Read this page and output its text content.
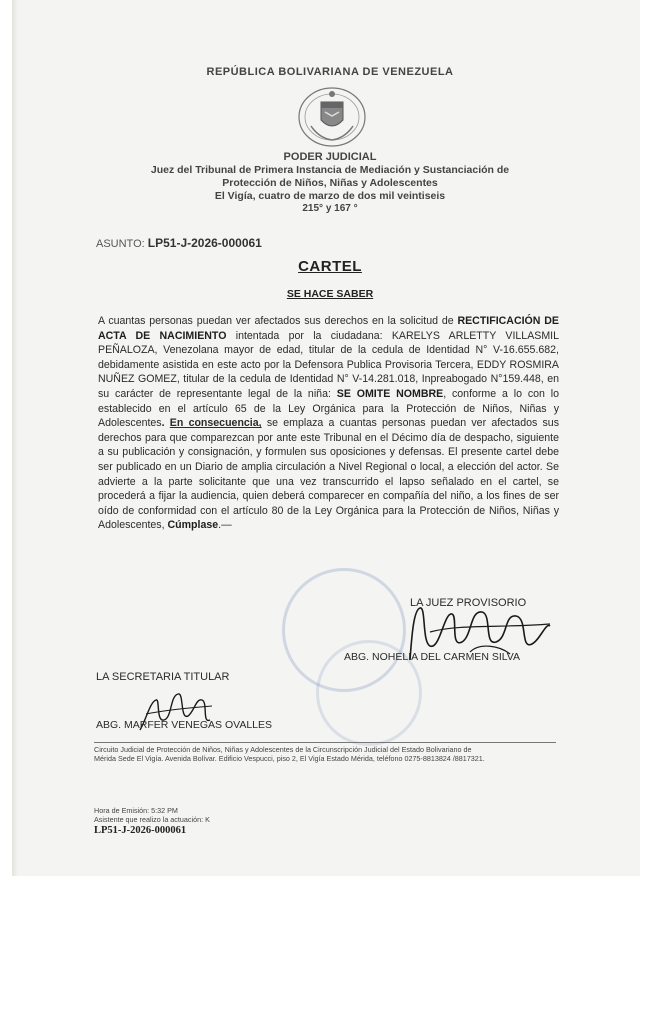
REPÚBLICA BOLIVARIANA DE VENEZUELA
PODER JUDICIAL
Juez del Tribunal de Primera Instancia de Mediación y Sustanciación de
Protección de Niños, Niñas y Adolescentes
El Vigía, cuatro de marzo de dos mil veintiseis
215° y 167 °
ASUNTO: LP51-J-2026-000061
CARTEL
SE HACE SABER
A cuantas personas puedan ver afectados sus derechos en la solicitud de RECTIFICACIÓN DE ACTA DE NACIMIENTO intentada por la ciudadana: KARELYS ARLETTY VILLASMIL PEÑALOZA, Venezolana mayor de edad, titular de la cedula de Identidad N° V-16.655.682, debidamente asistida en este acto por la Defensora Publica Provisoria Tercera, EDDY ROSMIRA NUÑEZ GOMEZ, titular de la cedula de Identidad N° V-14.281.018, Inpreabogado N°159.448, en su carácter de representante legal de la niña: SE OMITE NOMBRE, conforme a lo con lo establecido en el artículo 65 de la Ley Orgánica para la Protección de Niños, Niñas y Adolescentes. En consecuencia, se emplaza a cuantas personas puedan ver afectados sus derechos para que comparezcan por ante este Tribunal en el Décimo día de despacho, siguiente a su publicación y consignación, y formulen sus oposiciones y defensas. El presente cartel debe ser publicado en un Diario de amplia circulación a Nivel Regional o local, a elección del actor. Se advierte a la parte solicitante que una vez transcurrido el lapso señalado en el cartel, se procederá a fijar la audiencia, quien deberá comparecer en compañía del niño, a los fines de ser oído de conformidad con el artículo 80 de la Ley Orgánica para la Protección de Niños, Niñas y Adolescentes, Cúmplase.—
LA JUEZ PROVISORIO
ABG. NOHELIA DEL CARMEN SILVA
LA SECRETARIA TITULAR
ABG. MARFER VENEGAS OVALLES
Circuito Judicial de Protección de Niños, Niñas y Adolescentes de la Circunscripción Judicial del Estado Bolivariano de
Mérida Sede El Vigía. Avenida Bolívar. Edificio Vespucci, piso 2, El Vigía Estado Mérida, teléfono 0275-8813824 /8817321.
Hora de Emisión: 5:32 PM
Asistente que realizo la actuación: K
LP51-J-2026-000061
